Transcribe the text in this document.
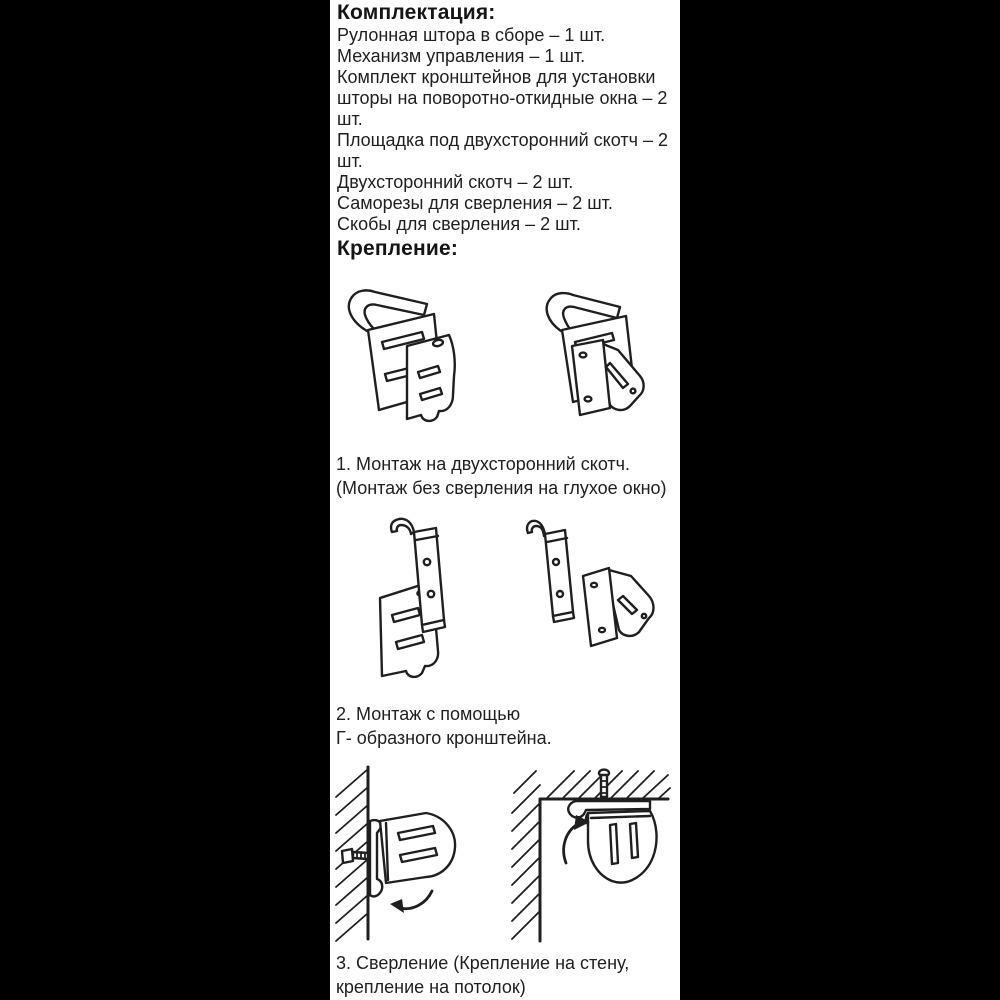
Комплектация:
Рулонная штора в сборе – 1 шт.
Механизм управления – 1 шт.
Комплект кронштейнов для установки
шторы на поворотно-откидные окна – 2 шт.
Площадка под двухсторонний скотч – 2 шт.
Двухсторонний скотч – 2 шт.
Саморезы для сверления – 2 шт.
Скобы для сверления – 2 шт.
Крепление:
1. Монтаж на двухсторонний скотч.
(Монтаж без сверления на глухое окно)
2. Монтаж с помощью
Г- образного кронштейна.
3. Сверление (Крепление на стену,
крепление на потолок)
